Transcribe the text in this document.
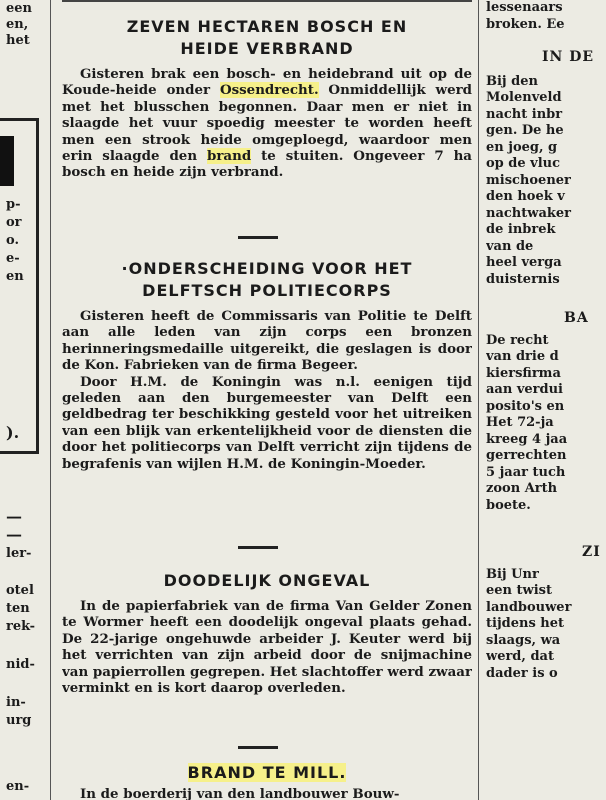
een
en,
het
p-
or
o.
e-
en
).
—
—
ler-
otel
ten
rek-
nid-
in-
urg
en-
ZEVEN HECTAREN BOSCH EN
HEIDE VERBRAND

Gisteren brak een bosch- en heidebrand uit op de Koude-heide onder Ossendrecht. Onmiddellijk werd met het blusschen begonnen. Daar men er niet in slaagde het vuur spoedig meester te worden heeft men een strook heide omgeploegd, waardoor men erin slaagde den brand te stuiten. Ongeveer 7 ha bosch en heide zijn verbrand.

·ONDERSCHEIDING VOOR HET
DELFTSCH POLITIECORPS

Gisteren heeft de Commissaris van Politie te Delft aan alle leden van zijn corps een bronzen herinneringsmedaille uitgereikt, die geslagen is door de Kon. Fabrieken van de firma Begeer.

Door H.M. de Koningin was n.l. eenigen tijd geleden aan den burgemeester van Delft een geldbedrag ter beschikking gesteld voor het uitreiken van een blijk van erkentelijkheid voor de diensten die door het politiecorps van Delft verricht zijn tijdens de begrafenis van wijlen H.M. de Koningin-Moeder.

DOODELIJK ONGEVAL

In de papierfabriek van de firma Van Gelder Zonen te Wormer heeft een doodelijk ongeval plaats gehad. De 22-jarige ongehuwde arbeider J. Keuter werd bij het verrichten van zijn arbeid door de snijmachine van papierrollen gegrepen. Het slachtoffer werd zwaar verminkt en is kort daarop overleden.

BRAND TE MILL.

In de boerderij van den landbouwer Bouw-

lessenaars
broken. Ee
IN DE
Bij den
Molenveld
nacht inbr
gen. De he
en joeg, g
op de vluc
mischoener
den hoek v
nachtwaker
de inbrek
van de
heel verga
duisternis
BA
De recht
van drie d
kiersfirma
aan verdui
posito's en
Het 72-ja
kreeg 4 jaa
gerrechten
5 jaar tuch
zoon Arth
boete.
ZI
Bij Unr
een twist
landbouwer
tijdens het
slaags, wa
werd, dat
dader is o
